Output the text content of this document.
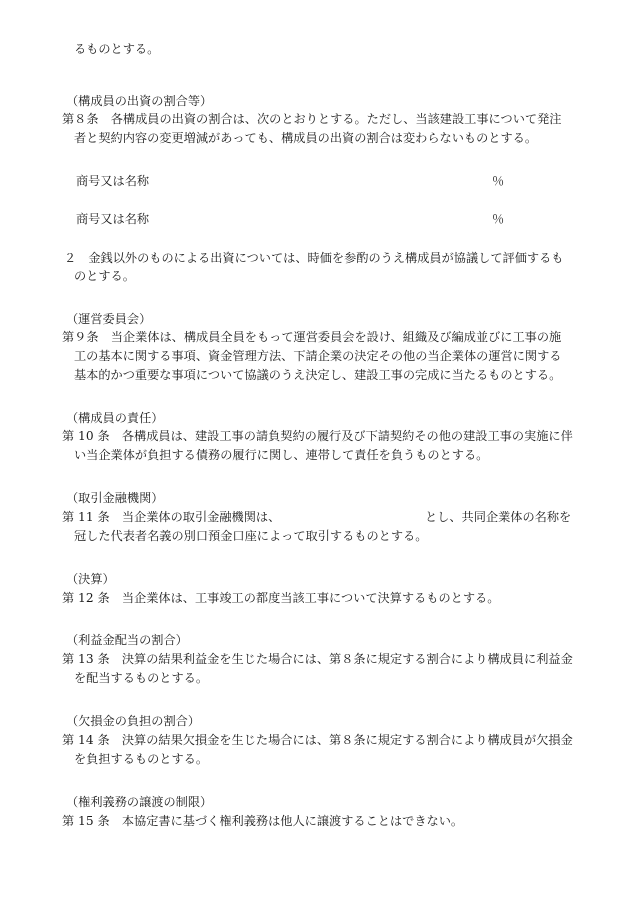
るものとする。
（構成員の出資の割合等）
第８条　各構成員の出資の割合は、次のとおりとする。ただし、当該建設工事について発注
者と契約内容の変更増減があっても、構成員の出資の割合は変わらないものとする。
商号又は名称	％
商号又は名称	％
２　金銭以外のものによる出資については、時価を参酌のうえ構成員が協議して評価するも
のとする。
（運営委員会）
第９条　当企業体は、構成員全員をもって運営委員会を設け、組織及び編成並びに工事の施
工の基本に関する事項、資金管理方法、下請企業の決定その他の当企業体の運営に関する
基本的かつ重要な事項について協議のうえ決定し、建設工事の完成に当たるものとする。
（構成員の責任）
第 10 条　各構成員は、建設工事の請負契約の履行及び下請契約その他の建設工事の実施に伴
い当企業体が負担する債務の履行に関し、連帯して責任を負うものとする。
（取引金融機関）
第 11 条　当企業体の取引金融機関は、	とし、共同企業体の名称を
冠した代表者名義の別口預金口座によって取引するものとする。
（決算）
第 12 条　当企業体は、工事竣工の都度当該工事について決算するものとする。
（利益金配当の割合）
第 13 条　決算の結果利益金を生じた場合には、第８条に規定する割合により構成員に利益金
を配当するものとする。
（欠損金の負担の割合）
第 14 条　決算の結果欠損金を生じた場合には、第８条に規定する割合により構成員が欠損金
を負担するものとする。
（権利義務の譲渡の制限）
第 15 条　本協定書に基づく権利義務は他人に譲渡することはできない。
